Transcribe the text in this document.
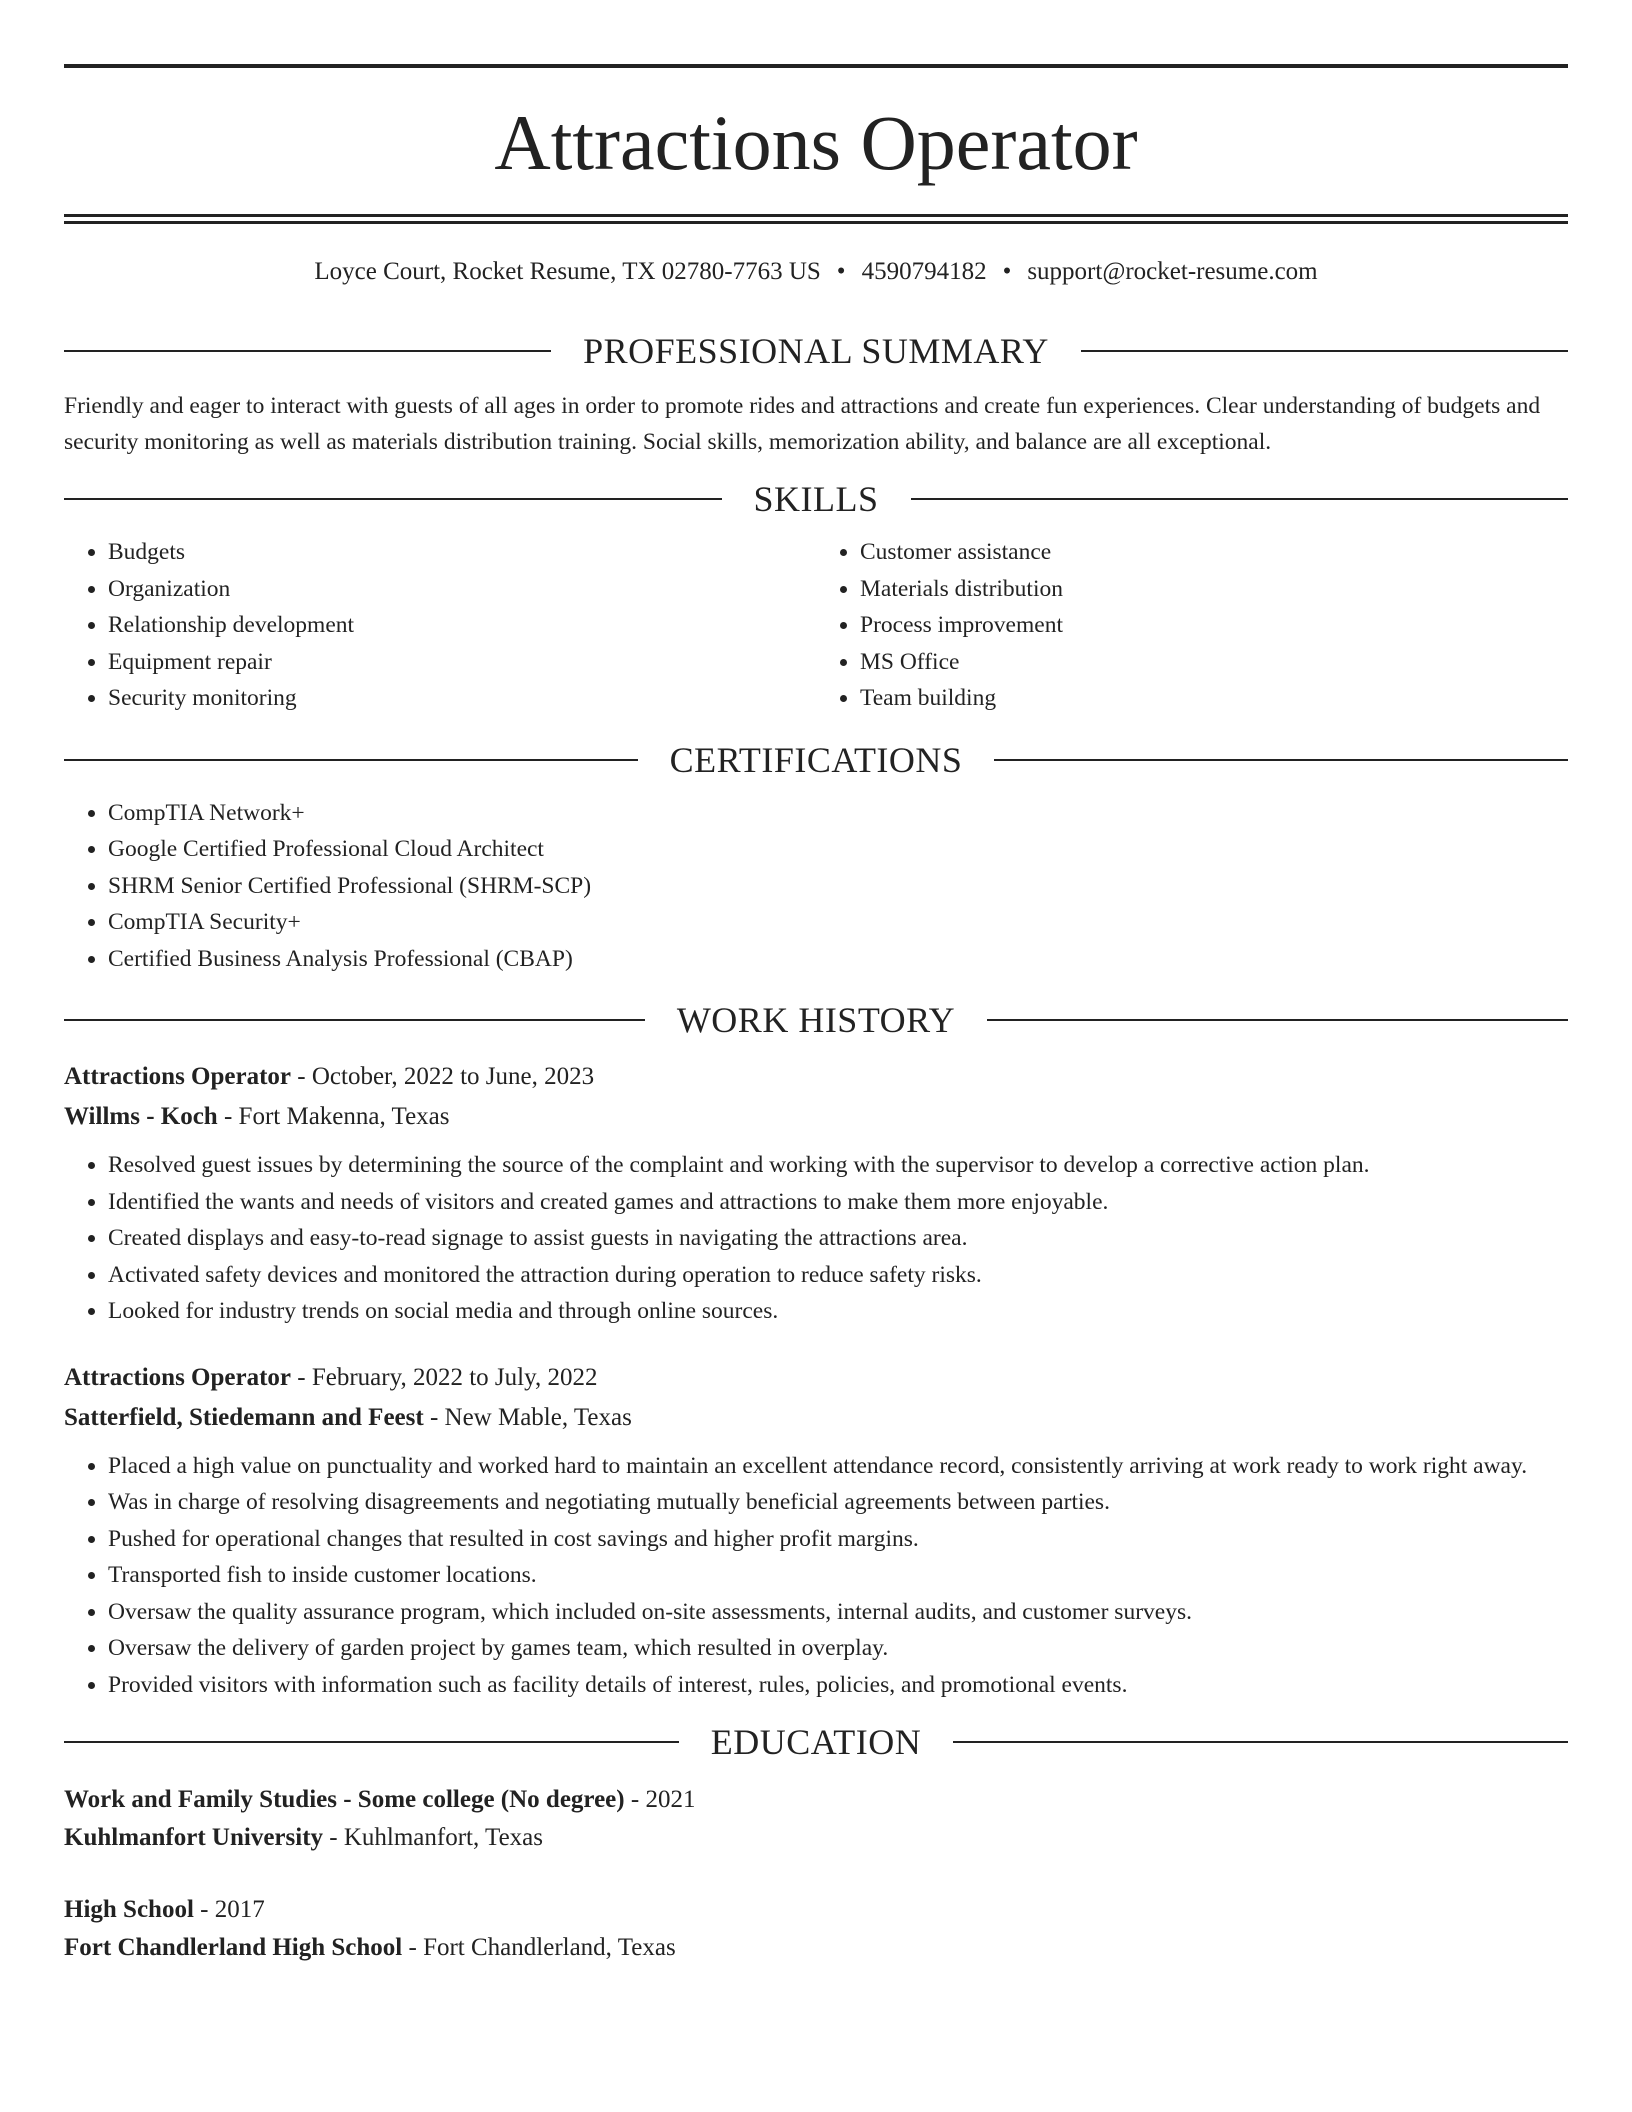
Attractions Operator
Loyce Court, Rocket Resume, TX 02780-7763 US • 4590794182 • support@rocket-resume.com
PROFESSIONAL SUMMARY
Friendly and eager to interact with guests of all ages in order to promote rides and attractions and create fun experiences. Clear understanding of budgets and security monitoring as well as materials distribution training. Social skills, memorization ability, and balance are all exceptional.
SKILLS
• Budgets
• Organization
• Relationship development
• Equipment repair
• Security monitoring
• Customer assistance
• Materials distribution
• Process improvement
• MS Office
• Team building
CERTIFICATIONS
• CompTIA Network+
• Google Certified Professional Cloud Architect
• SHRM Senior Certified Professional (SHRM-SCP)
• CompTIA Security+
• Certified Business Analysis Professional (CBAP)
WORK HISTORY
Attractions Operator - October, 2022 to June, 2023
Willms - Koch - Fort Makenna, Texas
• Resolved guest issues by determining the source of the complaint and working with the supervisor to develop a corrective action plan.
• Identified the wants and needs of visitors and created games and attractions to make them more enjoyable.
• Created displays and easy-to-read signage to assist guests in navigating the attractions area.
• Activated safety devices and monitored the attraction during operation to reduce safety risks.
• Looked for industry trends on social media and through online sources.
Attractions Operator - February, 2022 to July, 2022
Satterfield, Stiedemann and Feest - New Mable, Texas
• Placed a high value on punctuality and worked hard to maintain an excellent attendance record, consistently arriving at work ready to work right away.
• Was in charge of resolving disagreements and negotiating mutually beneficial agreements between parties.
• Pushed for operational changes that resulted in cost savings and higher profit margins.
• Transported fish to inside customer locations.
• Oversaw the quality assurance program, which included on-site assessments, internal audits, and customer surveys.
• Oversaw the delivery of garden project by games team, which resulted in overplay.
• Provided visitors with information such as facility details of interest, rules, policies, and promotional events.
EDUCATION
Work and Family Studies - Some college (No degree) - 2021
Kuhlmanfort University - Kuhlmanfort, Texas
High School - 2017
Fort Chandlerland High School - Fort Chandlerland, Texas
